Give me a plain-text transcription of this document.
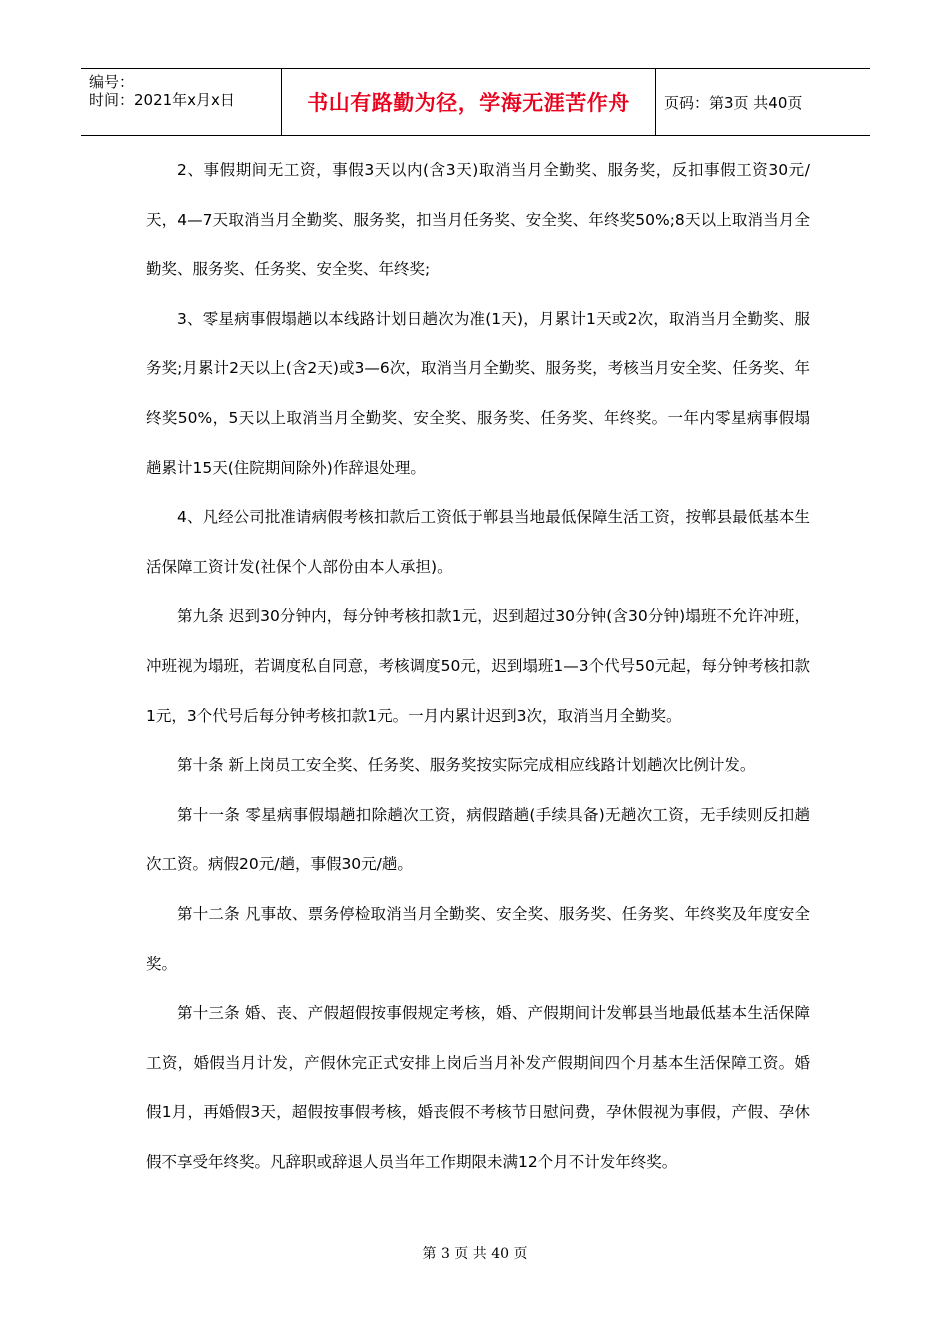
编号：
时间：2021年x月x日	书山有路勤为径，学海无涯苦作舟	页码：第3页 共40页

2、事假期间无工资，事假3天以内(含3天)取消当月全勤奖、服务奖，反扣事假工资30元/天，4—7天取消当月全勤奖、服务奖，扣当月任务奖、安全奖、年终奖50%;8天以上取消当月全勤奖、服务奖、任务奖、安全奖、年终奖;

3、零星病事假塌趟以本线路计划日趟次为准(1天)，月累计1天或2次，取消当月全勤奖、服务奖;月累计2天以上(含2天)或3—6次，取消当月全勤奖、服务奖，考核当月安全奖、任务奖、年终奖50%，5天以上取消当月全勤奖、安全奖、服务奖、任务奖、年终奖。一年内零星病事假塌趟累计15天(住院期间除外)作辞退处理。

4、凡经公司批准请病假考核扣款后工资低于郸县当地最低保障生活工资，按郸县最低基本生活保障工资计发(社保个人部份由本人承担)。

第九条 迟到30分钟内，每分钟考核扣款1元，迟到超过30分钟(含30分钟)塌班不允许冲班，冲班视为塌班，若调度私自同意，考核调度50元，迟到塌班1—3个代号50元起，每分钟考核扣款1元，3个代号后每分钟考核扣款1元。一月内累计迟到3次，取消当月全勤奖。

第十条 新上岗员工安全奖、任务奖、服务奖按实际完成相应线路计划趟次比例计发。

第十一条 零星病事假塌趟扣除趟次工资，病假踏趟(手续具备)无趟次工资，无手续则反扣趟次工资。病假20元/趟，事假30元/趟。

第十二条 凡事故、票务停检取消当月全勤奖、安全奖、服务奖、任务奖、年终奖及年度安全奖。

第十三条 婚、丧、产假超假按事假规定考核，婚、产假期间计发郸县当地最低基本生活保障工资，婚假当月计发，产假休完正式安排上岗后当月补发产假期间四个月基本生活保障工资。婚假1月，再婚假3天，超假按事假考核，婚丧假不考核节日慰问费，孕休假视为事假，产假、孕休假不享受年终奖。凡辞职或辞退人员当年工作期限未满12个月不计发年终奖。

第 3 页 共 40 页
